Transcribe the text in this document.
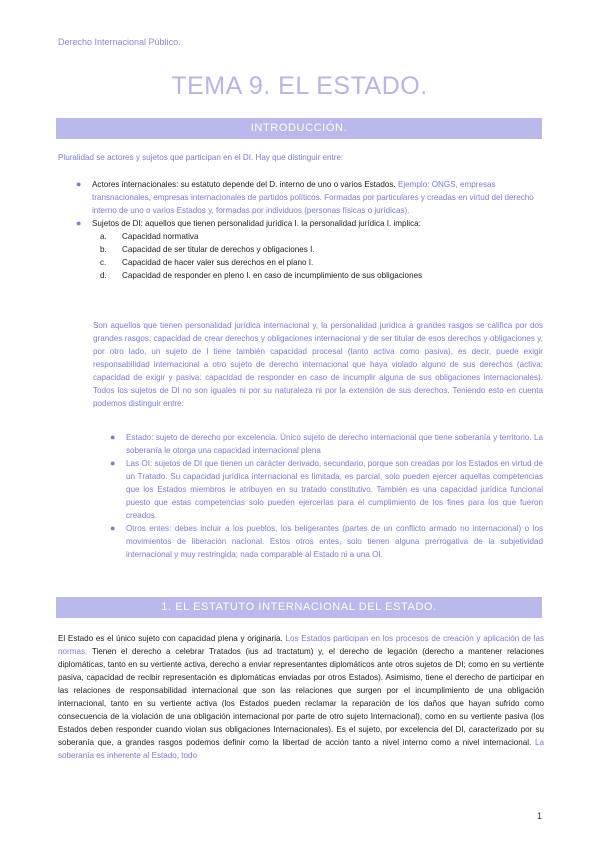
Derecho Internacional Público.
TEMA 9. EL ESTADO.
INTRODUCCIÓN.

Pluralidad se actores y sujetos que participan en el DI. Hay que distinguir entre:

● Actores internacionales: su estatuto depende del D. interno de uno o varios Estados. Ejemplo: ONGS, empresas transnacionales, empresas internacionales de partidos políticos. Formadas por particulares y creadas en virtud del derecho interno de uno o varios Estados y, formadas por individuos (personas físicas o jurídicas).
● Sujetos de DI: aquellos que tienen personalidad jurídica I. la personalidad jurídica I. implica:
a. Capacidad normativa
b. Capacidad de ser titular de derechos y obligaciones I.
c. Capacidad de hacer valer sus derechos en el plano I.
d. Capacidad de responder en pleno I. en caso de incumplimiento de sus obligaciones

Son aquellos que tienen personalidad jurídica internacional y, la personalidad jurídica a grandes rasgos se califica por dos grandes rasgos: capacidad de crear derechos y obligaciones internacional y de ser titular de esos derechos y obligaciones y, por otro lado, un sujeto de I tiene también capacidad procesal (tanto activa como pasiva), es decir, puede exigir responsabilidad internacional a otro sujeto de derecho internacional que haya violado alguno de sus derechos (activa: capacidad de exigir y pasiva: capacidad de responder en caso de incumplir alguna de sus obligaciones internacionales). Todos los sujetos de DI no son iguales ni por su naturaleza ni por la extensión de sus derechos. Teniendo esto en cuenta podemos distinguir entre:

● Estado: sujeto de derecho por excelencia. Único sujeto de derecho internacional que tiene soberanía y territorio. La soberanía le otorga una capacidad internacional plena
● Las OI: sujetos de DI que tienen un carácter derivado, secundario, porque son creadas por los Estados en virtud de un Tratado. Su capacidad jurídica internacional es limitada, es parcial, solo pueden ejercer aquellas competencias que los Estados miembros le atribuyen en su tratado constitutivo. También es una capacidad jurídica funcional puesto que estas competencias solo pueden ejercerlas para el cumplimiento de los fines para los que fueron creados.
● Otros entes: debes incluir a los pueblos, los beligerantes (partes de un conflicto armado no internacional) o los movimientos de liberación nacional. Estos otros entes, solo tienen alguna prerrogativa de la subjetividad internacional y muy restringida; nada comparable al Estado ni a una OI.
1. EL ESTATUTO INTERNACIONAL DEL ESTADO.

El Estado es el único sujeto con capacidad plena y originaria. Los Estados participan en los procesos de creación y aplicación de las normas. Tienen el derecho a celebrar Tratados (ius ad tractatum) y, el derecho de legación (derecho a mantener relaciones diplomáticas, tanto en su vertiente activa, derecho a enviar representantes diplomáticos ante otros sujetos de DI; como en su vertiente pasiva, capacidad de recibir representación es diplomáticas enviadas por otros Estados). Asimismo, tiene el derecho de participar en las relaciones de responsabilidad internacional que son las relaciones que surgen por el incumplimiento de una obligación internacional, tanto en su vertiente activa (los Estados pueden reclamar la reparación de los daños que hayan sufrido como consecuencia de la violación de una obligación internacional por parte de otro sujeto Internacional), como en su vertiente pasiva (los Estados deben responder cuando violan sus obligaciones Internacionales). Es el sujeto, por excelencia del DI, caracterizado por su soberanía que, a grandes rasgos podemos definir como la libertad de acción tanto a nivel interno como a nivel internacional. La soberanía es inherente al Estado, todo

1
